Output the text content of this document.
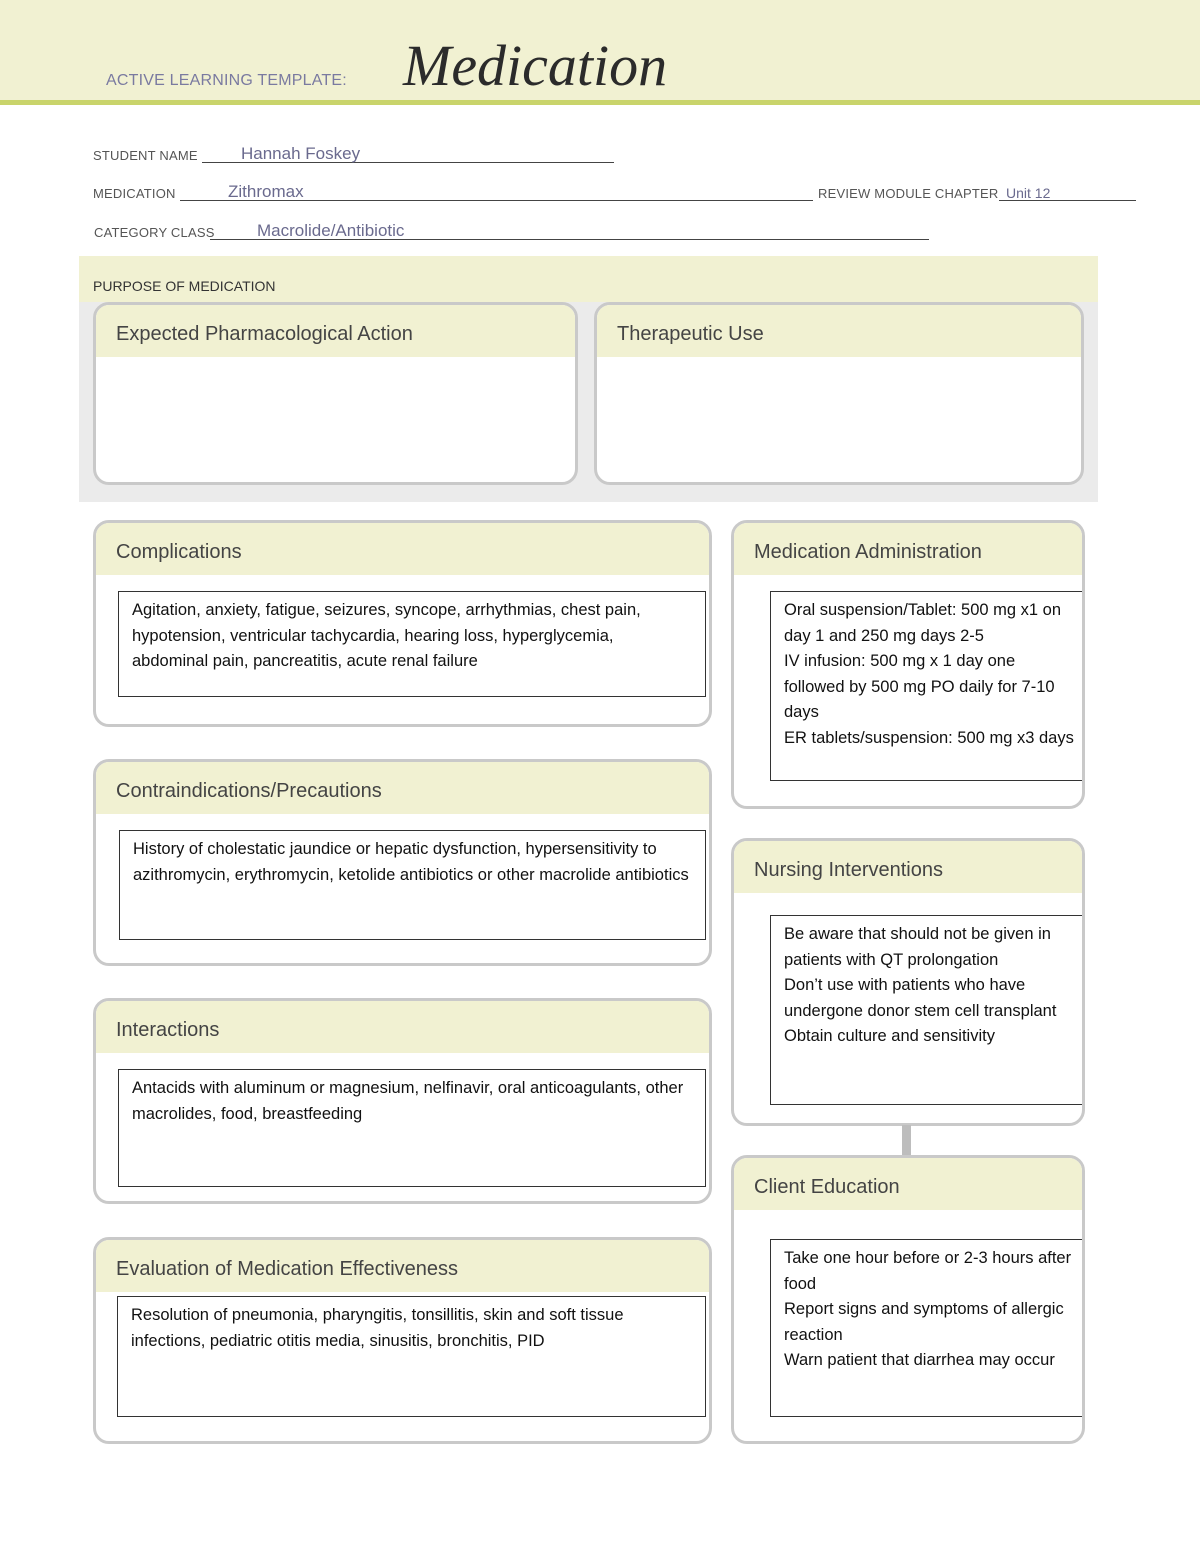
ACTIVE LEARNING TEMPLATE: Medication
STUDENT NAME	Hannah Foskey
MEDICATION	Zithromax	REVIEW MODULE CHAPTER Unit 12
CATEGORY CLASS Macrolide/Antibiotic
PURPOSE OF MEDICATION
Expected Pharmacological Action	Therapeutic Use
Complications
Agitation, anxiety, fatigue, seizures, syncope, arrhythmias, chest pain, hypotension, ventricular tachycardia, hearing loss, hyperglycemia, abdominal pain, pancreatitis, acute renal failure
Contraindications/Precautions
History of cholestatic jaundice or hepatic dysfunction, hypersensitivity to azithromycin, erythromycin, ketolide antibiotics or other macrolide antibiotics
Interactions
Antacids with aluminum or magnesium, nelfinavir, oral anticoagulants, other macrolides, food, breastfeeding
Evaluation of Medication Effectiveness
Resolution of pneumonia, pharyngitis, tonsillitis, skin and soft tissue infections, pediatric otitis media, sinusitis, bronchitis, PID
Medication Administration
Oral suspension/Tablet: 500 mg x1 on day 1 and 250 mg days 2-5
IV infusion: 500 mg x 1 day one followed by 500 mg PO daily for 7-10 days
ER tablets/suspension: 500 mg x3 days
Nursing Interventions
Be aware that should not be given in patients with QT prolongation
Don’t use with patients who have undergone donor stem cell transplant
Obtain culture and sensitivity
Client Education
Take one hour before or 2-3 hours after food
Report signs and symptoms of allergic reaction
Warn patient that diarrhea may occur
